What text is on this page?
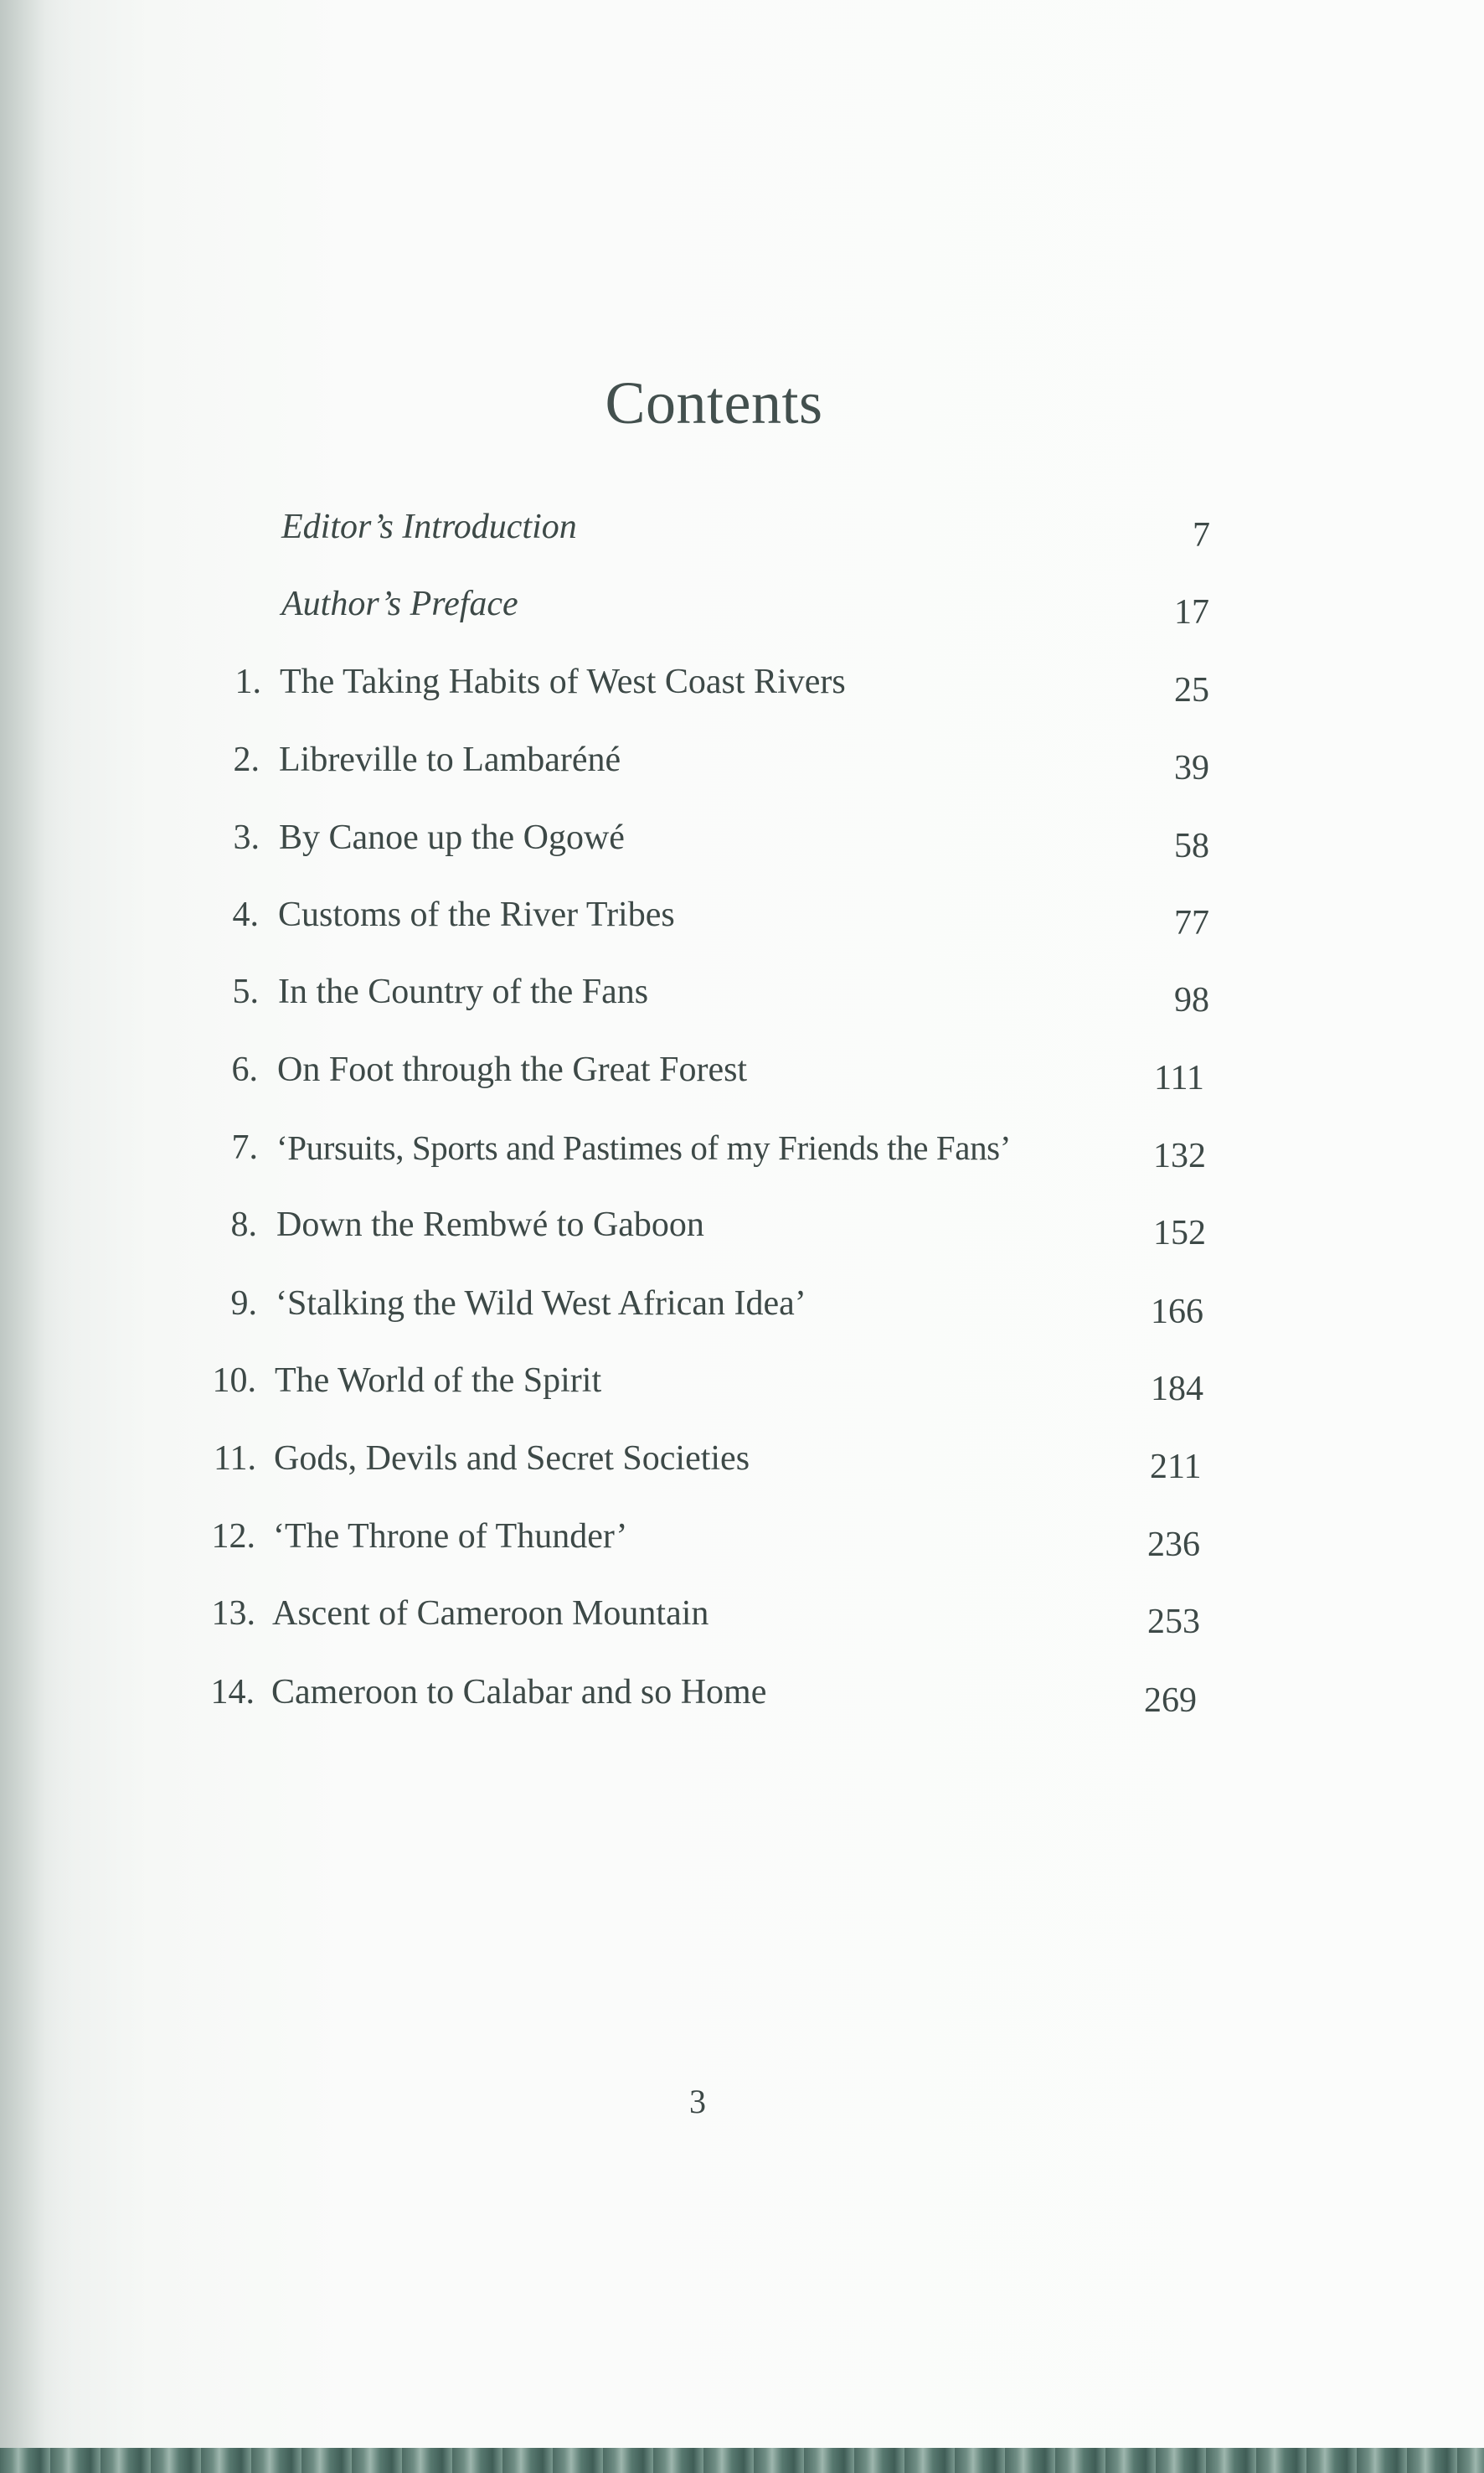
Contents
Editor’s Introduction	7
Author’s Preface	17
1. The Taking Habits of West Coast Rivers	25
2. Libreville to Lambaréné	39
3. By Canoe up the Ogowé	58
4. Customs of the River Tribes	77
5. In the Country of the Fans	98
6. On Foot through the Great Forest	111
7. ‘Pursuits, Sports and Pastimes of my Friends the Fans’	132
8. Down the Rembwé to Gaboon	152
9. ‘Stalking the Wild West African Idea’	166
10. The World of the Spirit	184
11. Gods, Devils and Secret Societies	211
12. ‘The Throne of Thunder’	236
13. Ascent of Cameroon Mountain	253
14. Cameroon to Calabar and so Home	269
3
